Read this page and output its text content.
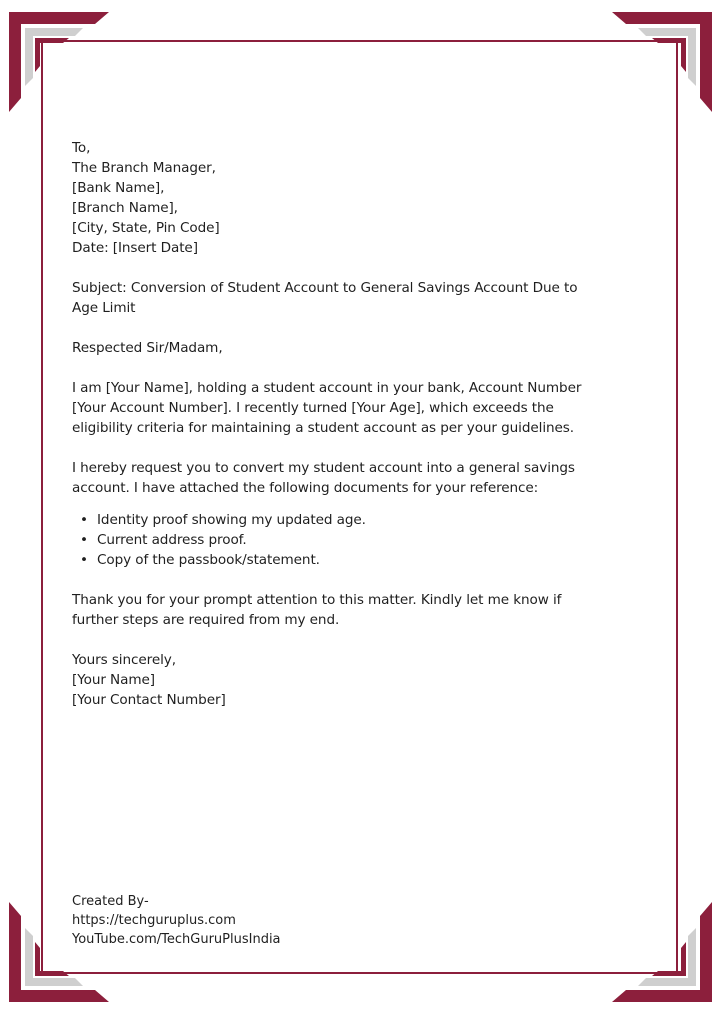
To,
The Branch Manager,
[Bank Name],
[Branch Name],
[City, State, Pin Code]
Date: [Insert Date]
Subject: Conversion of Student Account to General Savings Account Due to
Age Limit
Respected Sir/Madam,
I am [Your Name], holding a student account in your bank, Account Number
[Your Account Number]. I recently turned [Your Age], which exceeds the
eligibility criteria for maintaining a student account as per your guidelines.
I hereby request you to convert my student account into a general savings
account. I have attached the following documents for your reference:
• Identity proof showing my updated age.
• Current address proof.
• Copy of the passbook/statement.
Thank you for your prompt attention to this matter. Kindly let me know if
further steps are required from my end.
Yours sincerely,
[Your Name]
[Your Contact Number]
Created By-
https://techguruplus.com
YouTube.com/TechGuruPlusIndia
